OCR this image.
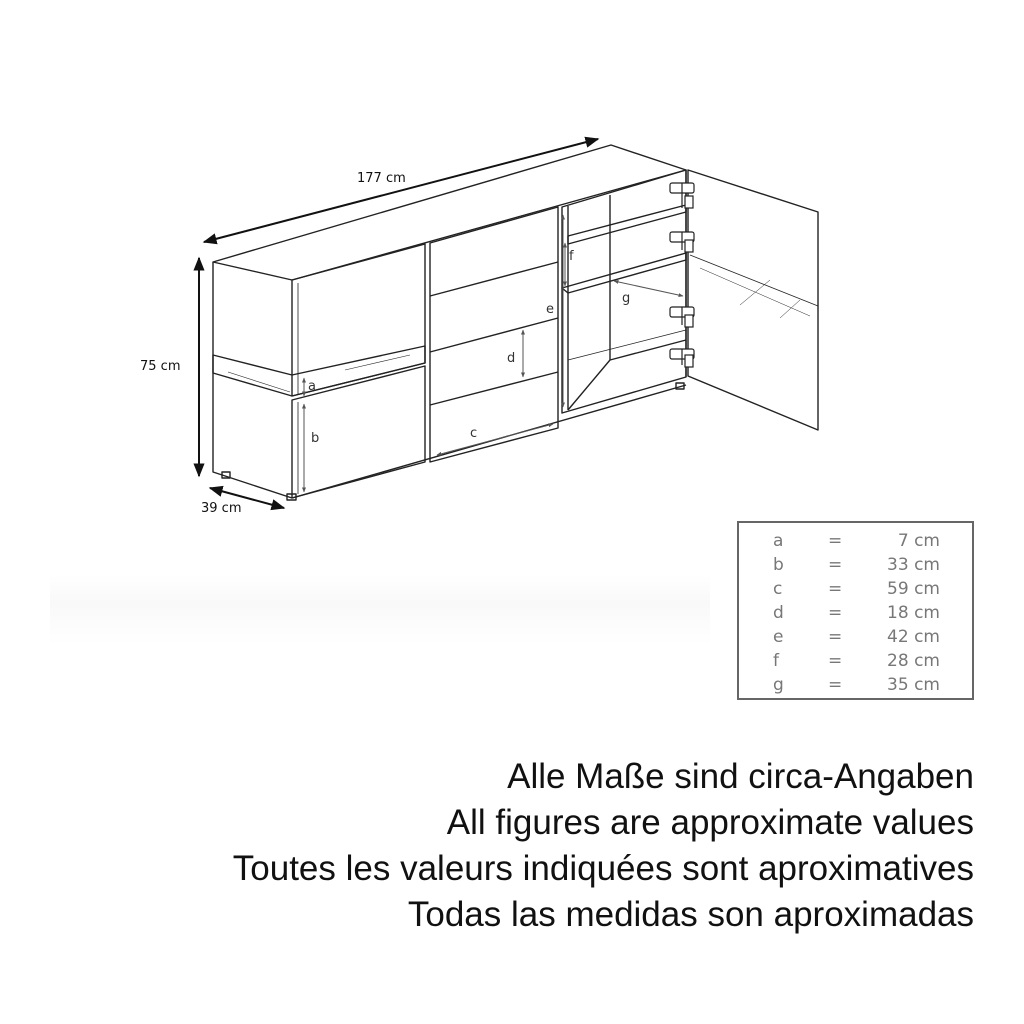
177 cm
75 cm
39 cm
a
b	c
d
e
f
g
a	=	7 cm
b	=	33 cm
c	=	59 cm
d	=	18 cm
e	=	42 cm
f	=	28 cm
g	=	35 cm
Alle Maße sind circa-Angaben
All figures are approximate values
Toutes les valeurs indiquées sont aproximatives
Todas las medidas son aproximadas
